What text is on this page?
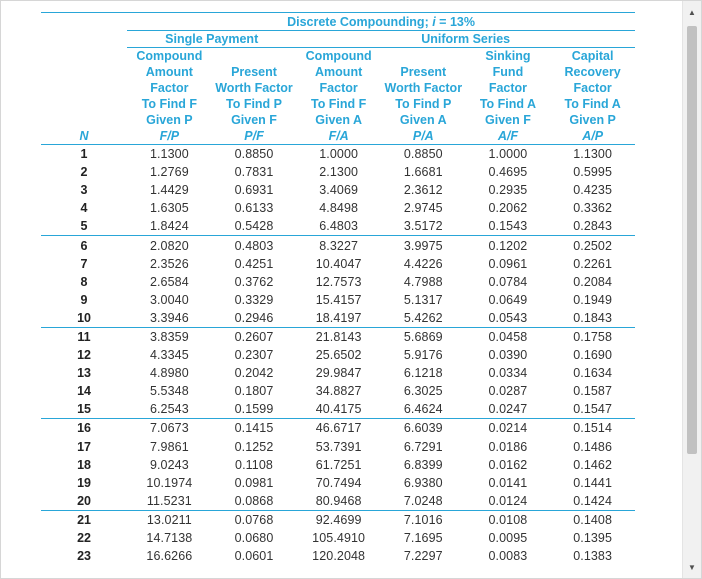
	Discrete Compounding; i = 13%					
	Single Payment		Uniform Series			
	Compound		Compound		Sinking	Capital
	Amount	Present	Amount	Present	Fund	Recovery
	Factor	Worth Factor	Factor	Worth Factor	Factor	Factor
	To Find F	To Find P	To Find F	To Find P	To Find A	To Find A
	Given P	Given F	Given A	Given A	Given F	Given P
N	F/P	P/F	F/A	P/A	A/F	A/P
1	1.1300	0.8850	1.0000	0.8850	1.0000	1.1300
2	1.2769	0.7831	2.1300	1.6681	0.4695	0.5995
3	1.4429	0.6931	3.4069	2.3612	0.2935	0.4235
4	1.6305	0.6133	4.8498	2.9745	0.2062	0.3362
5	1.8424	0.5428	6.4803	3.5172	0.1543	0.2843
6	2.0820	0.4803	8.3227	3.9975	0.1202	0.2502
7	2.3526	0.4251	10.4047	4.4226	0.0961	0.2261
8	2.6584	0.3762	12.7573	4.7988	0.0784	0.2084
9	3.0040	0.3329	15.4157	5.1317	0.0649	0.1949
10	3.3946	0.2946	18.4197	5.4262	0.0543	0.1843
11	3.8359	0.2607	21.8143	5.6869	0.0458	0.1758
12	4.3345	0.2307	25.6502	5.9176	0.0390	0.1690
13	4.8980	0.2042	29.9847	6.1218	0.0334	0.1634
14	5.5348	0.1807	34.8827	6.3025	0.0287	0.1587
15	6.2543	0.1599	40.4175	6.4624	0.0247	0.1547
16	7.0673	0.1415	46.6717	6.6039	0.0214	0.1514
17	7.9861	0.1252	53.7391	6.7291	0.0186	0.1486
18	9.0243	0.1108	61.7251	6.8399	0.0162	0.1462
19	10.1974	0.0981	70.7494	6.9380	0.0141	0.1441
20	11.5231	0.0868	80.9468	7.0248	0.0124	0.1424
21	13.0211	0.0768	92.4699	7.1016	0.0108	0.1408
22	14.7138	0.0680	105.4910	7.1695	0.0095	0.1395
23	16.6266	0.0601	120.2048	7.2297	0.0083	0.1383
▲
▼
